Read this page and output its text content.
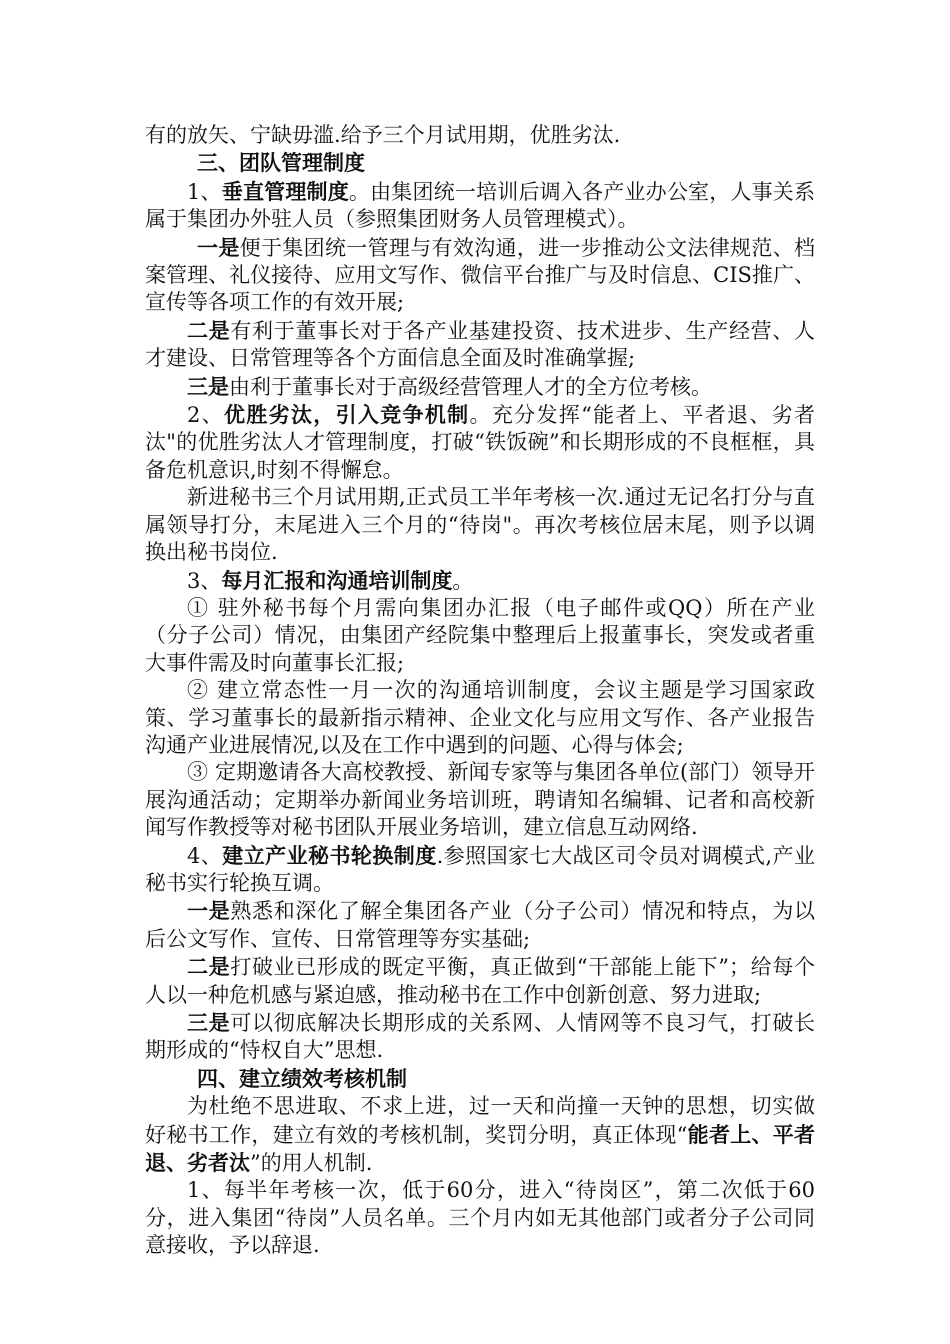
有的放矢、宁缺毋滥.给予三个月试用期，优胜劣汰.

三、团队管理制度

1、垂直管理制度。由集团统一培训后调入各产业办公室，人事关系属于集团办外驻人员（参照集团财务人员管理模式）。

一是便于集团统一管理与有效沟通，进一步推动公文法律规范、档案管理、礼仪接待、应用文写作、微信平台推广与及时信息、CIS推广、宣传等各项工作的有效开展;

二是有利于董事长对于各产业基建投资、技术进步、生产经营、人才建设、日常管理等各个方面信息全面及时准确掌握;

三是由利于董事长对于高级经营管理人才的全方位考核。

2、优胜劣汰，引入竞争机制。充分发挥“能者上、平者退、劣者汰"的优胜劣汰人才管理制度，打破“铁饭碗”和长期形成的不良框框，具备危机意识,时刻不得懈怠。

新进秘书三个月试用期,正式员工半年考核一次.通过无记名打分与直属领导打分，末尾进入三个月的“待岗"。再次考核位居末尾，则予以调换出秘书岗位.

3、每月汇报和沟通培训制度。

① 驻外秘书每个月需向集团办汇报（电子邮件或QQ）所在产业（分子公司）情况，由集团产经院集中整理后上报董事长，突发或者重大事件需及时向董事长汇报;

② 建立常态性一月一次的沟通培训制度，会议主题是学习国家政策、学习董事长的最新指示精神、企业文化与应用文写作、各产业报告沟通产业进展情况,以及在工作中遇到的问题、心得与体会;

③ 定期邀请各大高校教授、新闻专家等与集团各单位(部门）领导开展沟通活动；定期举办新闻业务培训班，聘请知名编辑、记者和高校新闻写作教授等对秘书团队开展业务培训，建立信息互动网络.

4、建立产业秘书轮换制度.参照国家七大战区司令员对调模式,产业秘书实行轮换互调。

一是熟悉和深化了解全集团各产业（分子公司）情况和特点，为以后公文写作、宣传、日常管理等夯实基础;

二是打破业已形成的既定平衡，真正做到“干部能上能下”；给每个人以一种危机感与紧迫感，推动秘书在工作中创新创意、努力进取;

三是可以彻底解决长期形成的关系网、人情网等不良习气，打破长期形成的“恃权自大”思想.

四、建立绩效考核机制

为杜绝不思进取、不求上进，过一天和尚撞一天钟的思想，切实做好秘书工作，建立有效的考核机制，奖罚分明，真正体现“能者上、平者退、劣者汰”的用人机制.

1、每半年考核一次，低于60分，进入“待岗区”，第二次低于60分，进入集团“待岗”人员名单。三个月内如无其他部门或者分子公司同意接收，予以辞退.
